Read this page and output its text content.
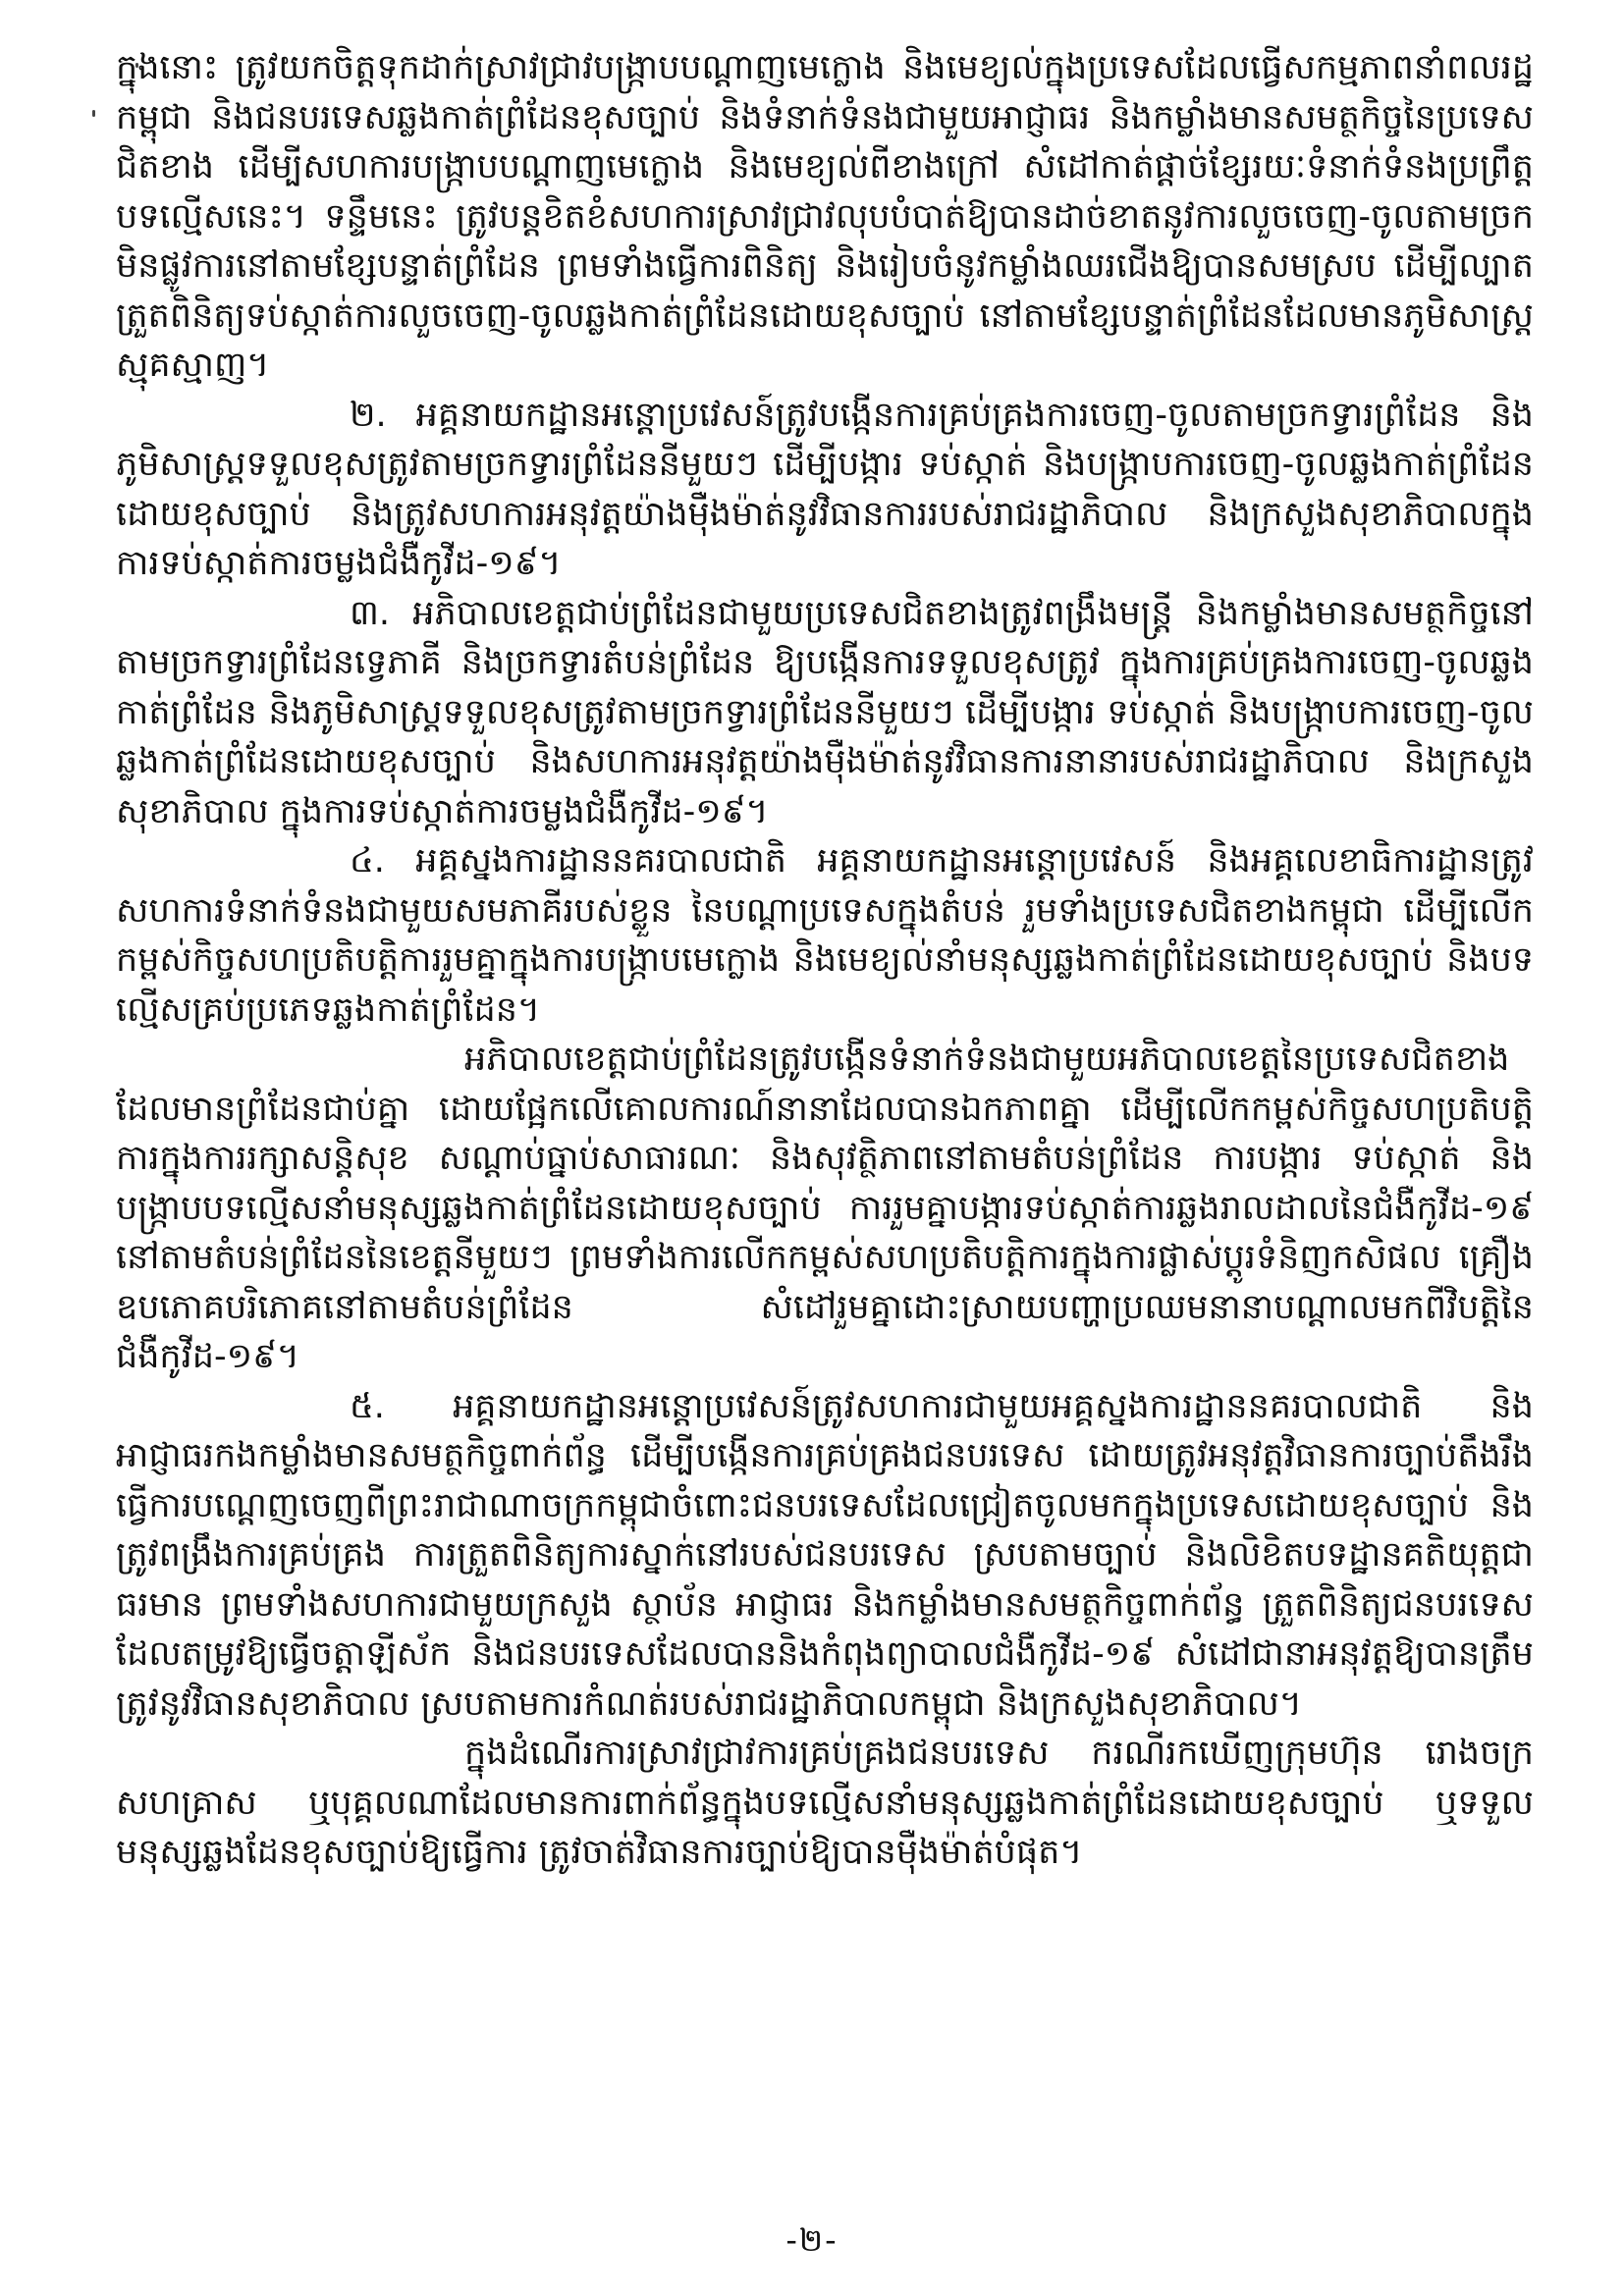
ក្នុងនោះ ត្រូវយកចិត្តទុកដាក់ស្រាវជ្រាវបង្ក្រាបបណ្តាញមេក្លោង និងមេខ្យល់ក្នុងប្រទេសដែលធ្វើសកម្មភាពនាំពលរដ្ឋកម្ពុជា និងជនបរទេសឆ្លងកាត់ព្រំដែនខុសច្បាប់ និងទំនាក់ទំនងជាមួយអាជ្ញាធរ និងកម្លាំងមានសមត្ថកិច្ចនៃប្រទេសជិតខាង ដើម្បីសហការបង្ក្រាបបណ្តាញមេក្លោង និងមេខ្យល់ពីខាងក្រៅ សំដៅកាត់ផ្តាច់ខ្សែរយៈទំនាក់ទំនងប្រព្រឹត្តបទល្មើសនេះ។ ទន្ទឹមនេះ ត្រូវបន្តខិតខំសហការស្រាវជ្រាវលុបបំបាត់ឱ្យបានដាច់ខាតនូវការលួចចេញ-ចូលតាមច្រកមិនផ្លូវការនៅតាមខ្សែបន្ទាត់ព្រំដែន ព្រមទាំងធ្វើការពិនិត្យ និងរៀបចំនូវកម្លាំងឈរជើងឱ្យបានសមស្រប ដើម្បីល្បាតត្រួតពិនិត្យទប់ស្កាត់ការលួចចេញ-ចូលឆ្លងកាត់ព្រំដែនដោយខុសច្បាប់ នៅតាមខ្សែបន្ទាត់ព្រំដែនដែលមានភូមិសាស្ត្រស្មុគស្មាញ។

២. អគ្គនាយកដ្ឋានអន្តោប្រវេសន៍ត្រូវបង្កើនការគ្រប់គ្រងការចេញ-ចូលតាមច្រកទ្វារព្រំដែន និងភូមិសាស្ត្រទទួលខុសត្រូវតាមច្រកទ្វារព្រំដែននីមួយៗ ដើម្បីបង្ការ ទប់ស្កាត់ និងបង្ក្រាបការចេញ-ចូលឆ្លងកាត់ព្រំដែនដោយខុសច្បាប់ និងត្រូវសហការអនុវត្តយ៉ាងម៉ឺងម៉ាត់នូវវិធានការរបស់រាជរដ្ឋាភិបាល និងក្រសួងសុខាភិបាលក្នុងការទប់ស្កាត់ការចម្លងជំងឺកូវីដ-១៩។

៣. អភិបាលខេត្តជាប់ព្រំដែនជាមួយប្រទេសជិតខាងត្រូវពង្រឹងមន្ត្រី និងកម្លាំងមានសមត្ថកិច្ចនៅតាមច្រកទ្វារព្រំដែនទ្វេភាគី និងច្រកទ្វារតំបន់ព្រំដែន ឱ្យបង្កើនការទទួលខុសត្រូវ ក្នុងការគ្រប់គ្រងការចេញ-ចូលឆ្លងកាត់ព្រំដែន និងភូមិសាស្ត្រទទួលខុសត្រូវតាមច្រកទ្វារព្រំដែននីមួយៗ ដើម្បីបង្ការ ទប់ស្កាត់ និងបង្ក្រាបការចេញ-ចូលឆ្លងកាត់ព្រំដែនដោយខុសច្បាប់ និងសហការអនុវត្តយ៉ាងម៉ឺងម៉ាត់នូវវិធានការនានារបស់រាជរដ្ឋាភិបាល និងក្រសួងសុខាភិបាល ក្នុងការទប់ស្កាត់ការចម្លងជំងឺកូវីដ-១៩។

៤. អគ្គស្នងការដ្ឋាននគរបាលជាតិ អគ្គនាយកដ្ឋានអន្តោប្រវេសន៍ និងអគ្គលេខាធិការដ្ឋានត្រូវសហការទំនាក់ទំនងជាមួយសមភាគីរបស់ខ្លួន នៃបណ្តាប្រទេសក្នុងតំបន់ រួមទាំងប្រទេសជិតខាងកម្ពុជា ដើម្បីលើកកម្ពស់កិច្ចសហប្រតិបត្តិការរួមគ្នាក្នុងការបង្ក្រាបមេក្លោង និងមេខ្យល់នាំមនុស្សឆ្លងកាត់ព្រំដែនដោយខុសច្បាប់ និងបទល្មើសគ្រប់ប្រភេទឆ្លងកាត់ព្រំដែន។

អភិបាលខេត្តជាប់ព្រំដែនត្រូវបង្កើនទំនាក់ទំនងជាមួយអភិបាលខេត្តនៃប្រទេសជិតខាងដែលមានព្រំដែនជាប់គ្នា ដោយផ្អែកលើគោលការណ៍នានាដែលបានឯកភាពគ្នា ដើម្បីលើកកម្ពស់កិច្ចសហប្រតិបត្តិការក្នុងការរក្សាសន្តិសុខ សណ្តាប់ធ្នាប់សាធារណៈ និងសុវត្ថិភាពនៅតាមតំបន់ព្រំដែន ការបង្ការ ទប់ស្កាត់ និងបង្ក្រាបបទល្មើសនាំមនុស្សឆ្លងកាត់ព្រំដែនដោយខុសច្បាប់ ការរួមគ្នាបង្ការទប់ស្កាត់ការឆ្លងរាលដាលនៃជំងឺកូវីដ-១៩ នៅតាមតំបន់ព្រំដែននៃខេត្តនីមួយៗ ព្រមទាំងការលើកកម្ពស់សហប្រតិបត្តិការក្នុងការផ្លាស់ប្តូរទំនិញកសិផល គ្រឿងឧបភោគបរិភោគនៅតាមតំបន់ព្រំដែន សំដៅរួមគ្នាដោះស្រាយបញ្ហាប្រឈមនានាបណ្តាលមកពីវិបត្តិនៃជំងឺកូវីដ-១៩។

៥. អគ្គនាយកដ្ឋានអន្តោប្រវេសន៍ត្រូវសហការជាមួយអគ្គស្នងការដ្ឋាននគរបាលជាតិ និងអាជ្ញាធរកងកម្លាំងមានសមត្ថកិច្ចពាក់ព័ន្ធ ដើម្បីបង្កើនការគ្រប់គ្រងជនបរទេស ដោយត្រូវអនុវត្តវិធានការច្បាប់តឹងរឹង ធ្វើការបណ្តេញចេញពីព្រះរាជាណាចក្រកម្ពុជាចំពោះជនបរទេសដែលជ្រៀតចូលមកក្នុងប្រទេសដោយខុសច្បាប់ និងត្រូវពង្រឹងការគ្រប់គ្រង ការត្រួតពិនិត្យការស្នាក់នៅរបស់ជនបរទេស ស្របតាមច្បាប់ និងលិខិតបទដ្ឋានគតិយុត្តជាធរមាន ព្រមទាំងសហការជាមួយក្រសួង ស្ថាប័ន អាជ្ញាធរ និងកម្លាំងមានសមត្ថកិច្ចពាក់ព័ន្ធ ត្រួតពិនិត្យជនបរទេសដែលតម្រូវឱ្យធ្វើចត្តាឡីស័ក និងជនបរទេសដែលបាននិងកំពុងព្យាបាលជំងឺកូវីដ-១៩ សំដៅជានាអនុវត្តឱ្យបានត្រឹមត្រូវនូវវិធានសុខាភិបាល ស្របតាមការកំណត់របស់រាជរដ្ឋាភិបាលកម្ពុជា និងក្រសួងសុខាភិបាល។

ក្នុងដំណើរការស្រាវជ្រាវការគ្រប់គ្រងជនបរទេស ករណីរកឃើញក្រុមហ៊ុន រោងចក្រ សហគ្រាស ឬបុគ្គលណាដែលមានការពាក់ព័ន្ធក្នុងបទល្មើសនាំមនុស្សឆ្លងកាត់ព្រំដែនដោយខុសច្បាប់ ឬទទួលមនុស្សឆ្លងដែនខុសច្បាប់ឱ្យធ្វើការ ត្រូវចាត់វិធានការច្បាប់ឱ្យបានម៉ឺងម៉ាត់បំផុត។

-២-
